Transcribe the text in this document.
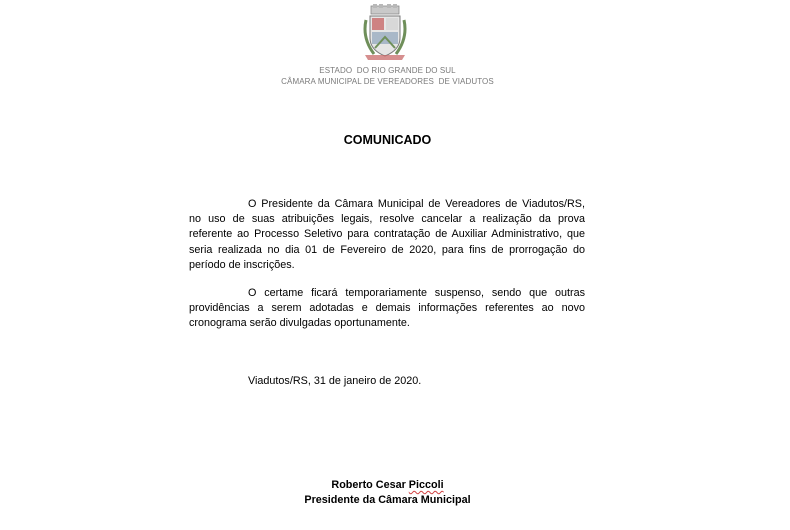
ESTADO  DO RIO GRANDE DO SUL
CÂMARA MUNICIPAL DE VEREADORES  DE VIADUTOS
COMUNICADO
O Presidente da Câmara Municipal de Vereadores de Viadutos/RS, no uso de suas atribuições legais, resolve cancelar a realização da prova referente ao Processo Seletivo para contratação de Auxiliar Administrativo, que seria realizada no dia 01 de Fevereiro de 2020, para fins de prorrogação do período de inscrições.
O certame ficará temporariamente suspenso, sendo que outras providências a serem adotadas e demais informações referentes ao novo cronograma serão divulgadas oportunamente.
Viadutos/RS, 31 de janeiro de 2020.
Roberto Cesar Piccoli
Presidente da Câmara Municipal
